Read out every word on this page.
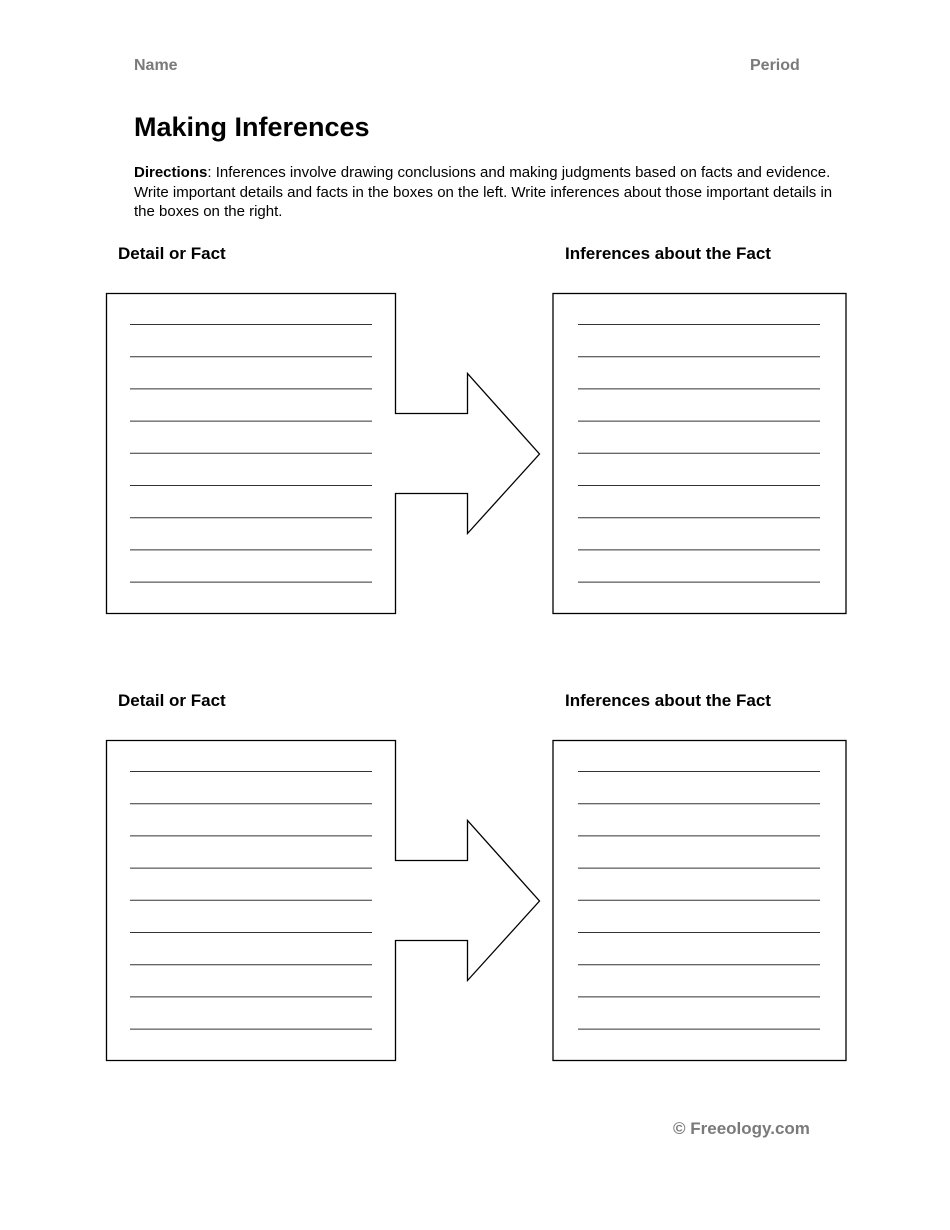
Name	Period
Making Inferences
Directions: Inferences involve drawing conclusions and making judgments based on facts and evidence. Write important details and facts in the boxes on the left. Write inferences about those important details in the boxes on the right.
Detail or Fact	Inferences about the Fact
Detail or Fact	Inferences about the Fact
© Freeology.com
